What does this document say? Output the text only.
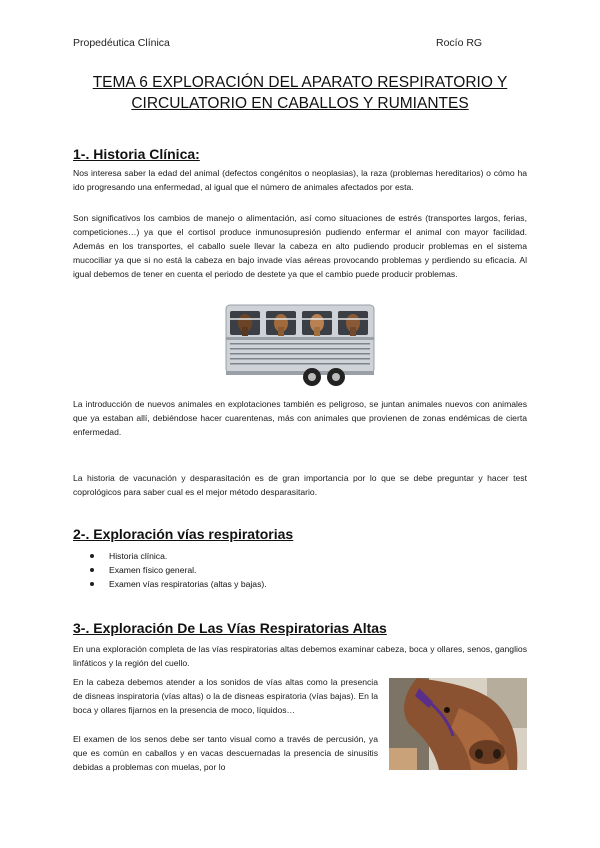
Propedéutica Clínica	Rocío RG
TEMA 6 EXPLORACIÓN DEL APARATO RESPIRATORIO Y
CIRCULATORIO EN CABALLOS Y RUMIANTES
1-. Historia Clínica:

Nos interesa saber la edad del animal (defectos congénitos o neoplasias), la raza (problemas hereditarios) o cómo ha ido progresando una enfermedad, al igual que el número de animales afectados por esta.

Son significativos los cambios de manejo o alimentación, así como situaciones de estrés (transportes largos, ferias, competiciones…) ya que el cortisol produce inmunosupresión pudiendo enfermar el animal con mayor facilidad. Además en los transportes, el caballo suele llevar la cabeza en alto pudiendo producir problemas en el sistema mucociliar ya que si no está la cabeza en bajo invade vías aéreas provocando problemas y perdiendo su eficacia. Al igual debemos de tener en cuenta el periodo de destete ya que el cambio puede producir problemas.

La introducción de nuevos animales en explotaciones también es peligroso, se juntan animales nuevos con animales que ya estaban allí, debiéndose hacer cuarentenas, más con animales que provienen de zonas endémicas de cierta enfermedad.

La historia de vacunación y desparasitación es de gran importancia por lo que se debe preguntar y hacer test coprológicos para saber cual es el mejor método desparasitario.

2-. Exploración vías respiratorias
Historia clínica.
Examen físico general.
Examen vías respiratorias (altas y bajas).
3-. Exploración De Las Vías Respiratorias Altas

En una exploración completa de las vías respiratorias altas debemos examinar cabeza, boca y ollares, senos, ganglios linfáticos y la región del cuello.

En la cabeza debemos atender a los sonidos de vías altas como la presencia de disneas inspiratoria (vías altas) o la de disneas espiratoria (vías bajas). En la boca y ollares fijarnos en la presencia de moco, líquidos…

El examen de los senos debe ser tanto visual como a través de percusión, ya que es común en caballos y en vacas descuernadas la presencia de sinusitis debidas a problemas con muelas, por lo
